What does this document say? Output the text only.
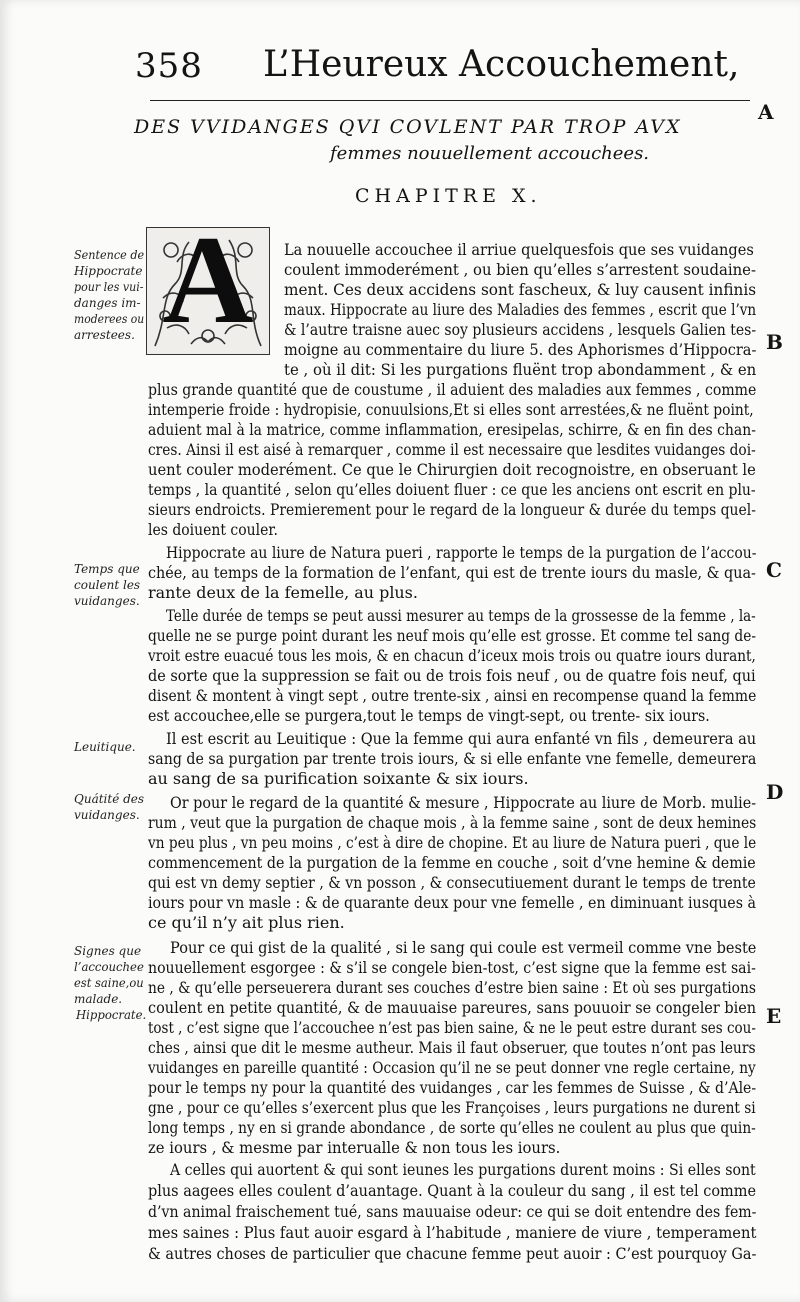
358 L’Heureux Accouchement,
A
B
C
D
E
DES VVIDANGES QVI COVLENT PAR TROP AVX
femmes nouuellement accouchees.
CHAPITRE X.
A
Sentence de
Hippocrate
pour les vui-
danges im-
moderees ou
arrestees.
Temps que
coulent les
vuidanges.
Leuitique.
Quátité des
vuidanges.
Signes que
l’accouchee
est saine,ou
malade.
Hippocrate.
La nouuelle accouchee il arriue quelquesfois que ses vuidanges
coulent immoderément , ou bien qu’elles s’arrestent soudaine-
ment. Ces deux accidens sont fascheux, & luy causent infinis
maux. Hippocrate au liure des Maladies des femmes , escrit que l’vn
& l’autre traisne auec soy plusieurs accidens , lesquels Galien tes-
moigne au commentaire du liure 5. des Aphorismes d’Hippocra-
te , où il dit: Si les purgations fluënt trop abondamment , & en
plus grande quantité que de coustume , il aduient des maladies aux femmes , comme
intemperie froide : hydropisie, conuulsions,Et si elles sont arrestées,& ne fluënt point,
aduient mal à la matrice, comme inflammation, eresipelas, schirre, & en fin des chan-
cres. Ainsi il est aisé à remarquer , comme il est necessaire que lesdites vuidanges doi-
uent couler moderément. Ce que le Chirurgien doit recognoistre, en obseruant le
temps , la quantité , selon qu’elles doiuent fluer : ce que les anciens ont escrit en plu-
sieurs endroicts. Premierement pour le regard de la longueur & durée du temps quel-
les doiuent couler.
Hippocrate au liure de Natura pueri , rapporte le temps de la purgation de l’accou-
chée, au temps de la formation de l’enfant, qui est de trente iours du masle, & qua-
rante deux de la femelle, au plus.
Telle durée de temps se peut aussi mesurer au temps de la grossesse de la femme , la-
quelle ne se purge point durant les neuf mois qu’elle est grosse. Et comme tel sang de-
vroit estre euacué tous les mois, & en chacun d’iceux mois trois ou quatre iours durant,
de sorte que la suppression se fait ou de trois fois neuf , ou de quatre fois neuf, qui
disent & montent à vingt sept , outre trente-six , ainsi en recompense quand la femme
est accouchee,elle se purgera,tout le temps de vingt-sept, ou trente- six iours.
Il est escrit au Leuitique : Que la femme qui aura enfanté vn fils , demeurera au
sang de sa purgation par trente trois iours, & si elle enfante vne femelle, demeurera
au sang de sa purification soixante & six iours.
Or pour le regard de la quantité & mesure , Hippocrate au liure de Morb. mulie-
rum , veut que la purgation de chaque mois , à la femme saine , sont de deux hemines
vn peu plus , vn peu moins , c’est à dire de chopine. Et au liure de Natura pueri , que le
commencement de la purgation de la femme en couche , soit d’vne hemine & demie
qui est vn demy septier , & vn posson , & consecutiuement durant le temps de trente
iours pour vn masle : & de quarante deux pour vne femelle , en diminuant iusques à
ce qu’il n’y ait plus rien.
Pour ce qui gist de la qualité , si le sang qui coule est vermeil comme vne beste
nouuellement esgorgee : & s’il se congele bien-tost, c’est signe que la femme est sai-
ne , & qu’elle perseuerera durant ses couches d’estre bien saine : Et où ses purgations
coulent en petite quantité, & de mauuaise pareures, sans pouuoir se congeler bien
tost , c’est signe que l’accouchee n’est pas bien saine, & ne le peut estre durant ses cou-
ches , ainsi que dit le mesme autheur. Mais il faut obseruer, que toutes n’ont pas leurs
vuidanges en pareille quantité : Occasion qu’il ne se peut donner vne regle certaine, ny
pour le temps ny pour la quantité des vuidanges , car les femmes de Suisse , & d’Ale-
gne , pour ce qu’elles s’exercent plus que les Françoises , leurs purgations ne durent si
long temps , ny en si grande abondance , de sorte qu’elles ne coulent au plus que quin-
ze iours , & mesme par interualle & non tous les iours.
A celles qui auortent & qui sont ieunes les purgations durent moins : Si elles sont
plus aagees elles coulent d’auantage. Quant à la couleur du sang , il est tel comme
d’vn animal fraischement tué, sans mauuaise odeur: ce qui se doit entendre des fem-
mes saines : Plus faut auoir esgard à l’habitude , maniere de viure , temperament
& autres choses de particulier que chacune femme peut auoir : C’est pourquoy Ga-
